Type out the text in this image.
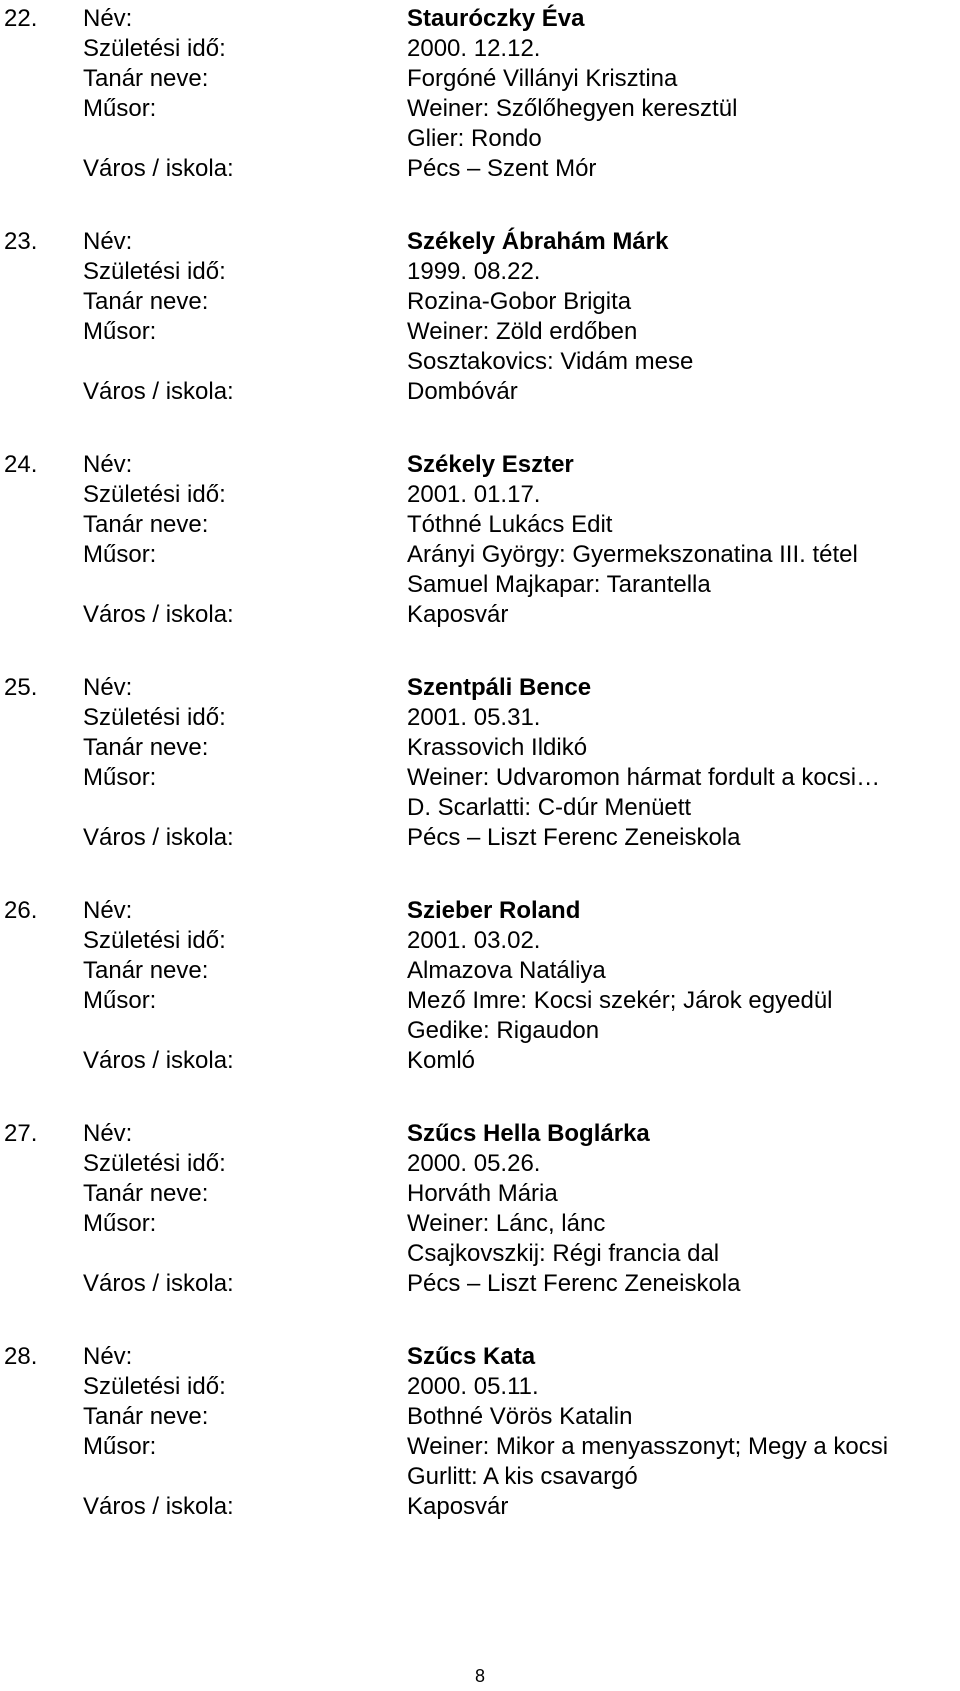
22. Név:	Stauróczky Éva
Születési idő:	2000. 12.12.
Tanár neve:	Forgóné Villányi Krisztina
Műsor:	Weiner: Szőlőhegyen keresztül
Glier: Rondo
Város / iskola:	Pécs – Szent Mór
23. Név:	Székely Ábrahám Márk
Születési idő:	1999. 08.22.
Tanár neve:	Rozina-Gobor Brigita
Műsor:	Weiner: Zöld erdőben
Sosztakovics: Vidám mese
Város / iskola:	Dombóvár
24. Név:	Székely Eszter
Születési idő:	2001. 01.17.
Tanár neve:	Tóthné Lukács Edit
Műsor:	Arányi György: Gyermekszonatina III. tétel
Samuel Majkapar: Tarantella
Város / iskola:	Kaposvár
25. Név:	Szentpáli Bence
Születési idő:	2001. 05.31.
Tanár neve:	Krassovich Ildikó
Műsor:	Weiner: Udvaromon hármat fordult a kocsi…
D. Scarlatti: C-dúr Menüett
Város / iskola:	Pécs – Liszt Ferenc Zeneiskola
26. Név:	Szieber Roland
Születési idő:	2001. 03.02.
Tanár neve:	Almazova Natáliya
Műsor:	Mező Imre: Kocsi szekér; Járok egyedül
Gedike: Rigaudon
Város / iskola:	Komló
27. Név:	Szűcs Hella Boglárka
Születési idő:	2000. 05.26.
Tanár neve:	Horváth Mária
Műsor:	Weiner: Lánc, lánc
Csajkovszkij: Régi francia dal
Város / iskola:	Pécs – Liszt Ferenc Zeneiskola
28. Név:	Szűcs Kata
Születési idő:	2000. 05.11.
Tanár neve:	Bothné Vörös Katalin
Műsor:	Weiner: Mikor a menyasszonyt; Megy a kocsi
Gurlitt: A kis csavargó
Város / iskola:	Kaposvár
8
